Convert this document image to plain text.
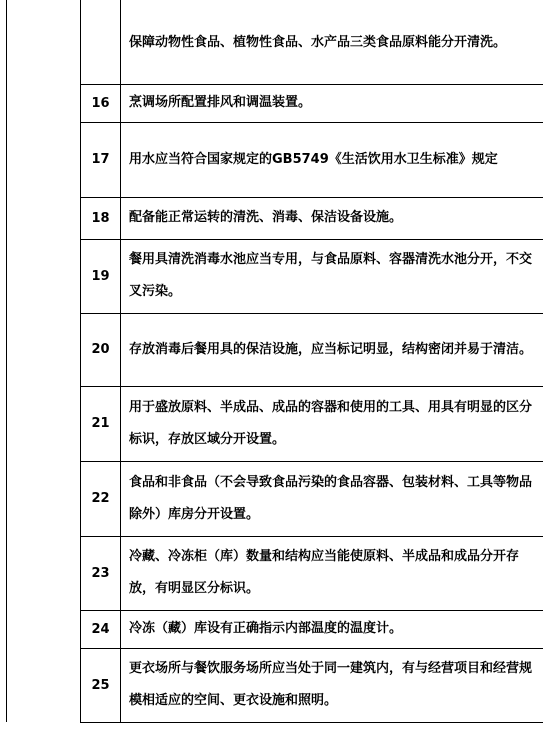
		保障动物性食品、植物性食品、水产品三类食品原料能分开清洗。
	16	烹调场所配置排风和调温装置。
	17	用水应当符合国家规定的GB5749《生活饮用水卫生标准》规定
	18	配备能正常运转的清洗、消毒、保洁设备设施。
	19	餐用具清洗消毒水池应当专用，与食品原料、容器清洗水池分开，不交叉污染。
	20	存放消毒后餐用具的保洁设施，应当标记明显，结构密闭并易于清洁。
	21	用于盛放原料、半成品、成品的容器和使用的工具、用具有明显的区分标识，存放区域分开设置。
	22	食品和非食品（不会导致食品污染的食品容器、包装材料、工具等物品除外）库房分开设置。
	23	冷藏、冷冻柜（库）数量和结构应当能使原料、半成品和成品分开存放，有明显区分标识。
	24	冷冻（藏）库设有正确指示内部温度的温度计。
	25	更衣场所与餐饮服务场所应当处于同一建筑内，有与经营项目和经营规模相适应的空间、更衣设施和照明。
